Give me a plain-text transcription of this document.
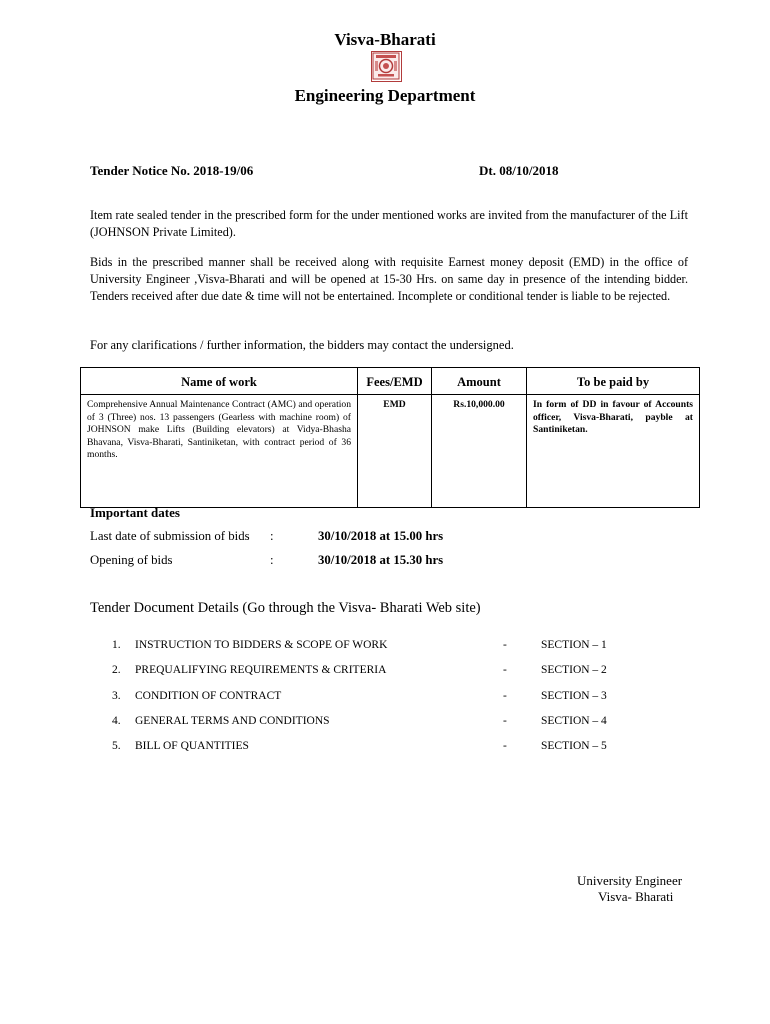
Visva-Bharati
Engineering Department
Tender Notice No. 2018-19/06	Dt. 08/10/2018
Item rate sealed tender in the prescribed form for the under mentioned works are invited from the manufacturer of the Lift (JOHNSON Private Limited).
Bids in the prescribed manner shall be received along with requisite Earnest money deposit (EMD) in the office of University Engineer ,Visva-Bharati and will be opened at 15-30 Hrs. on same day in presence of the intending bidder. Tenders received after due date & time will not be entertained. Incomplete or conditional tender is liable to be rejected.
For any clarifications / further information, the bidders may contact the undersigned.
Name of work	Fees/EMD	Amount	To be paid by
Comprehensive Annual Maintenance Contract (AMC) and operation of 3 (Three) nos. 13 passengers (Gearless with machine room) of JOHNSON make Lifts (Building elevators) at Vidya-Bhasha Bhavana, Visva-Bharati, Santiniketan, with contract period of 36 months.	EMD	Rs.10,000.00	In form of DD in favour of Accounts officer, Visva-Bharati, payble at Santiniketan.
Important dates
Last date of submission of bids :	30/10/2018 at 15.00 hrs
Opening of bids	:	30/10/2018 at 15.30 hrs
Tender Document Details (Go through the Visva- Bharati Web site)
1. INSTRUCTION TO BIDDERS & SCOPE OF WORK	-	SECTION – 1
2. PREQUALIFYING REQUIREMENTS & CRITERIA	-	SECTION – 2
3. CONDITION OF CONTRACT	-	SECTION – 3
4. GENERAL TERMS AND CONDITIONS	-	SECTION – 4
5. BILL OF QUANTITIES	-	SECTION – 5
University Engineer
Visva- Bharati
